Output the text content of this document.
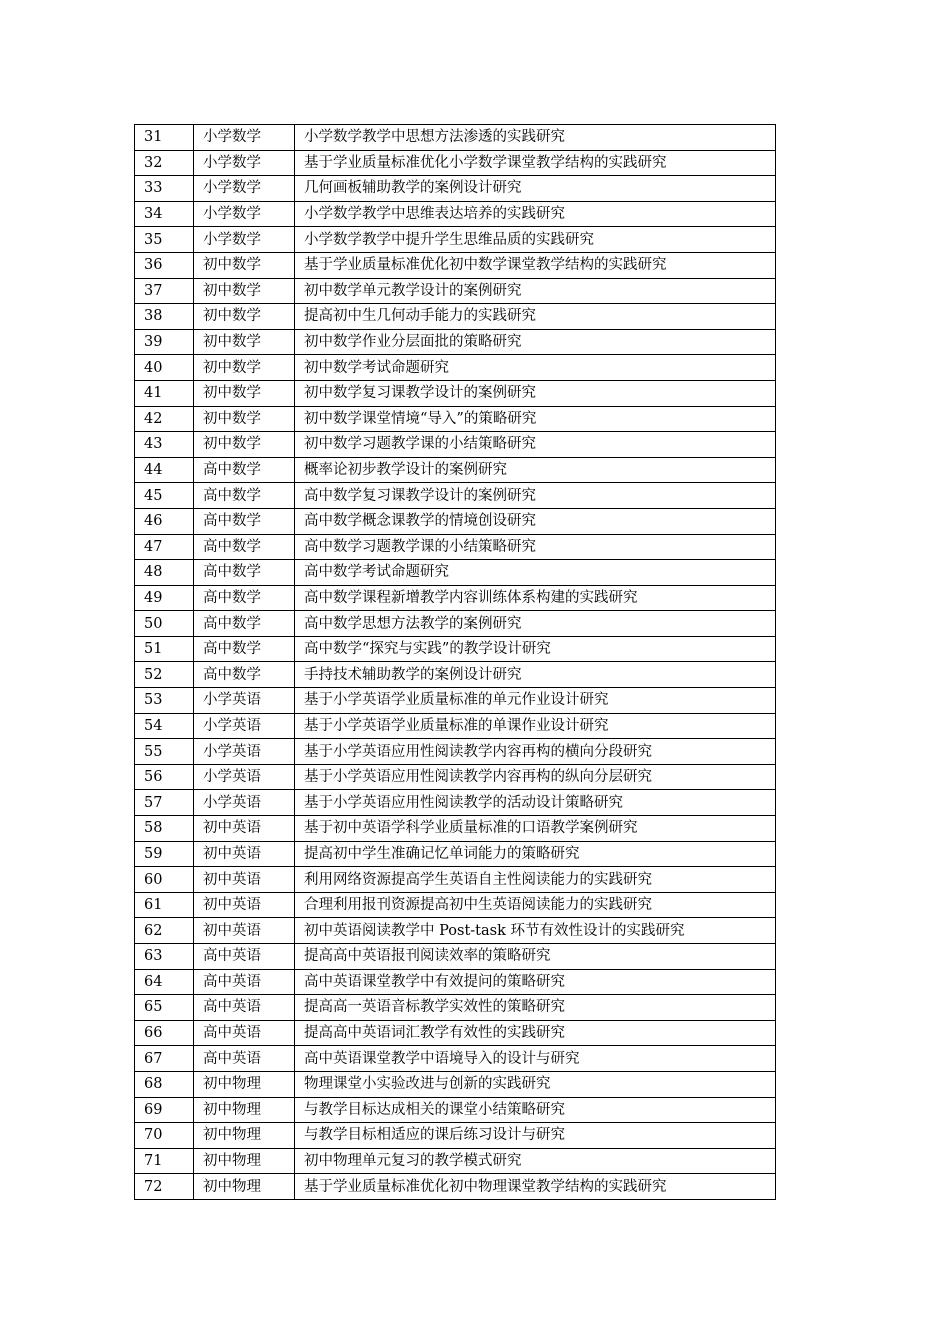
31	小学数学	小学数学教学中思想方法渗透的实践研究
32	小学数学	基于学业质量标准优化小学数学课堂教学结构的实践研究
33	小学数学	几何画板辅助教学的案例设计研究
34	小学数学	小学数学教学中思维表达培养的实践研究
35	小学数学	小学数学教学中提升学生思维品质的实践研究
36	初中数学	基于学业质量标准优化初中数学课堂教学结构的实践研究
37	初中数学	初中数学单元教学设计的案例研究
38	初中数学	提高初中生几何动手能力的实践研究
39	初中数学	初中数学作业分层面批的策略研究
40	初中数学	初中数学考试命题研究
41	初中数学	初中数学复习课教学设计的案例研究
42	初中数学	初中数学课堂情境“导入”的策略研究
43	初中数学	初中数学习题教学课的小结策略研究
44	高中数学	概率论初步教学设计的案例研究
45	高中数学	高中数学复习课教学设计的案例研究
46	高中数学	高中数学概念课教学的情境创设研究
47	高中数学	高中数学习题教学课的小结策略研究
48	高中数学	高中数学考试命题研究
49	高中数学	高中数学课程新增教学内容训练体系构建的实践研究
50	高中数学	高中数学思想方法教学的案例研究
51	高中数学	高中数学“探究与实践”的教学设计研究
52	高中数学	手持技术辅助教学的案例设计研究
53	小学英语	基于小学英语学业质量标准的单元作业设计研究
54	小学英语	基于小学英语学业质量标准的单课作业设计研究
55	小学英语	基于小学英语应用性阅读教学内容再构的横向分段研究
56	小学英语	基于小学英语应用性阅读教学内容再构的纵向分层研究
57	小学英语	基于小学英语应用性阅读教学的活动设计策略研究
58	初中英语	基于初中英语学科学业质量标准的口语教学案例研究
59	初中英语	提高初中学生准确记忆单词能力的策略研究
60	初中英语	利用网络资源提高学生英语自主性阅读能力的实践研究
61	初中英语	合理利用报刊资源提高初中生英语阅读能力的实践研究
62	初中英语	初中英语阅读教学中 Post-task 环节有效性设计的实践研究
63	高中英语	提高高中英语报刊阅读效率的策略研究
64	高中英语	高中英语课堂教学中有效提问的策略研究
65	高中英语	提高高一英语音标教学实效性的策略研究
66	高中英语	提高高中英语词汇教学有效性的实践研究
67	高中英语	高中英语课堂教学中语境导入的设计与研究
68	初中物理	物理课堂小实验改进与创新的实践研究
69	初中物理	与教学目标达成相关的课堂小结策略研究
70	初中物理	与教学目标相适应的课后练习设计与研究
71	初中物理	初中物理单元复习的教学模式研究
72	初中物理	基于学业质量标准优化初中物理课堂教学结构的实践研究
